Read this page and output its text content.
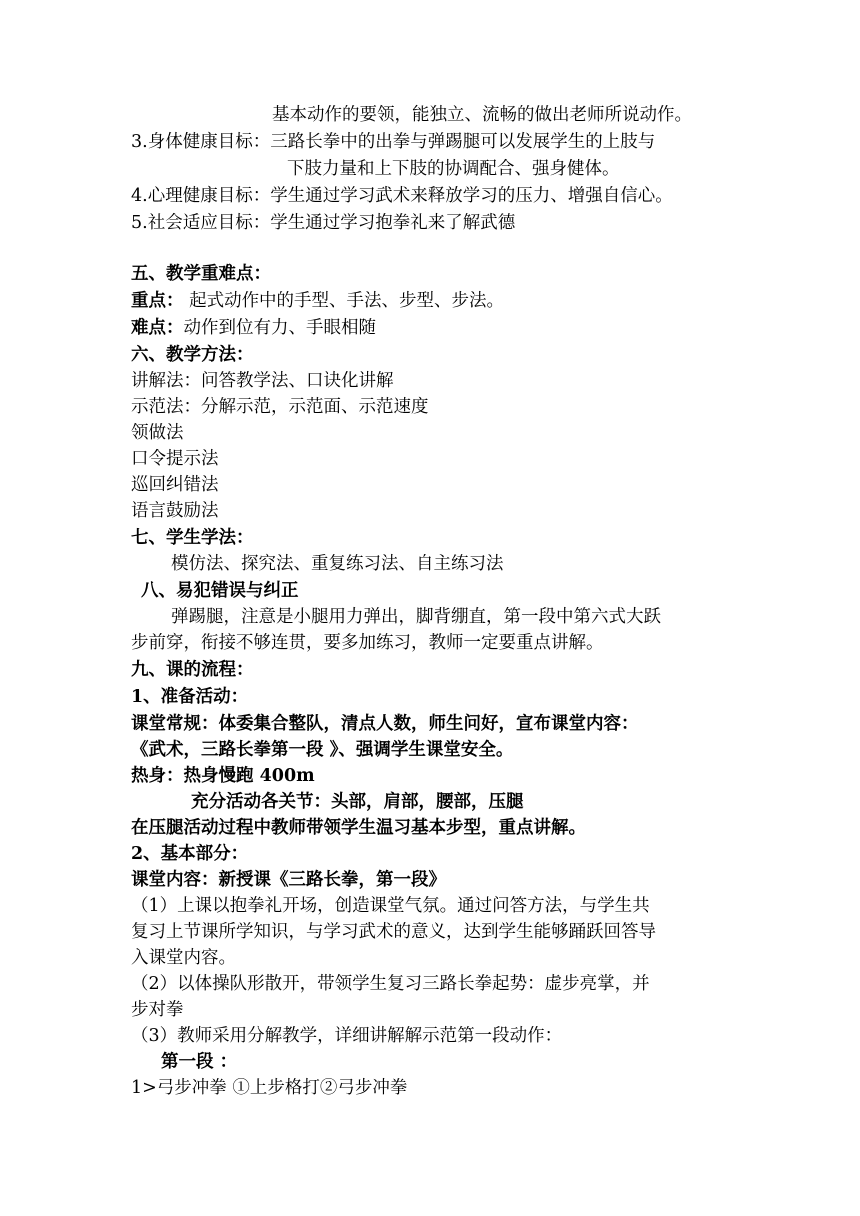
基本动作的要领，能独立、流畅的做出老师所说动作。
3.身体健康目标：三路长拳中的出拳与弹踢腿可以发展学生的上肢与
下肢力量和上下肢的协调配合、强身健体。
4.心理健康目标：学生通过学习武术来释放学习的压力、增强自信心。
5.社会适应目标：学生通过学习抱拳礼来了解武德
五、教学重难点：
重点： 起式动作中的手型、手法、步型、步法。
难点：动作到位有力、手眼相随
六、教学方法：
讲解法：问答教学法、口诀化讲解
示范法：分解示范，示范面、示范速度
领做法
口令提示法
巡回纠错法
语言鼓励法
七、学生学法：
模仿法、探究法、重复练习法、自主练习法
八、易犯错误与纠正
弹踢腿，注意是小腿用力弹出，脚背绷直，第一段中第六式大跃
步前穿，衔接不够连贯，要多加练习，教师一定要重点讲解。
九、课的流程：
1、准备活动：
课堂常规：体委集合整队，清点人数，师生问好，宣布课堂内容：
《武术，三路长拳第一段 》、强调学生课堂安全。
热身：热身慢跑 400m
充分活动各关节：头部，肩部，腰部，压腿
在压腿活动过程中教师带领学生温习基本步型，重点讲解。
2、基本部分：
课堂内容：新授课《三路长拳，第一段》
（1）上课以抱拳礼开场，创造课堂气氛。通过问答方法，与学生共
复习上节课所学知识，与学习武术的意义，达到学生能够踊跃回答导
入课堂内容。
（2）以体操队形散开，带领学生复习三路长拳起势：虚步亮掌，并
步对拳
（3）教师采用分解教学，详细讲解解示范第一段动作：
第一段 ：
1>弓步冲拳 ①上步格打②弓步冲拳
